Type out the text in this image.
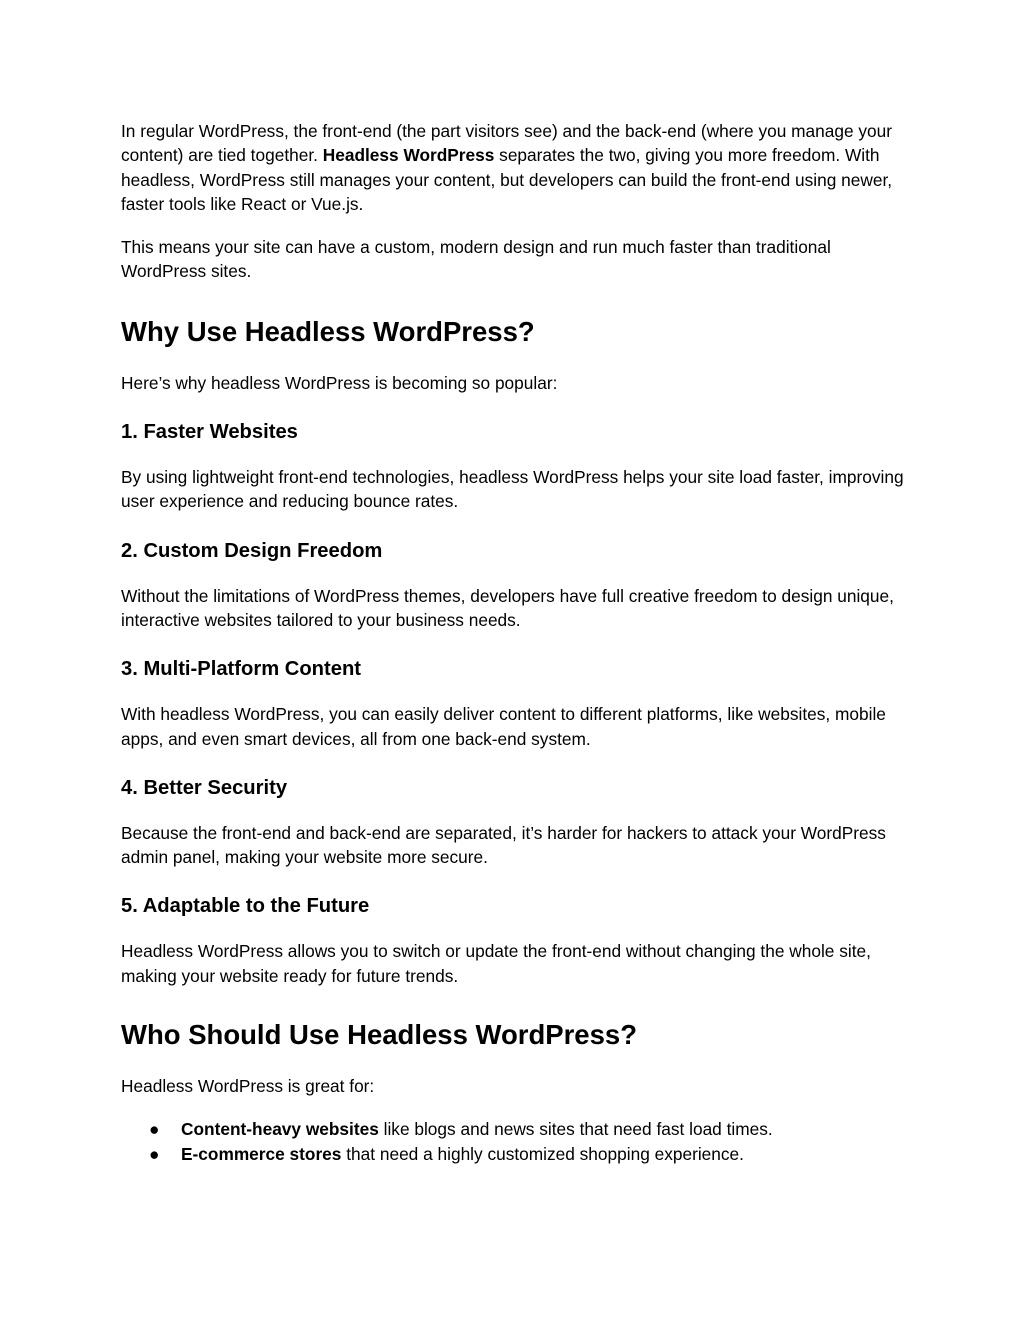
In regular WordPress, the front-end (the part visitors see) and the back-end (where you manage your content) are tied together. Headless WordPress separates the two, giving you more freedom. With headless, WordPress still manages your content, but developers can build the front-end using newer, faster tools like React or Vue.js.

This means your site can have a custom, modern design and run much faster than traditional WordPress sites.

Why Use Headless WordPress?

Here’s why headless WordPress is becoming so popular:

1. Faster Websites

By using lightweight front-end technologies, headless WordPress helps your site load faster, improving user experience and reducing bounce rates.

2. Custom Design Freedom

Without the limitations of WordPress themes, developers have full creative freedom to design unique, interactive websites tailored to your business needs.

3. Multi-Platform Content

With headless WordPress, you can easily deliver content to different platforms, like websites, mobile apps, and even smart devices, all from one back-end system.

4. Better Security

Because the front-end and back-end are separated, it’s harder for hackers to attack your WordPress admin panel, making your website more secure.

5. Adaptable to the Future

Headless WordPress allows you to switch or update the front-end without changing the whole site, making your website ready for future trends.

Who Should Use Headless WordPress?

Headless WordPress is great for:

● Content-heavy websites like blogs and news sites that need fast load times.
● E-commerce stores that need a highly customized shopping experience.
